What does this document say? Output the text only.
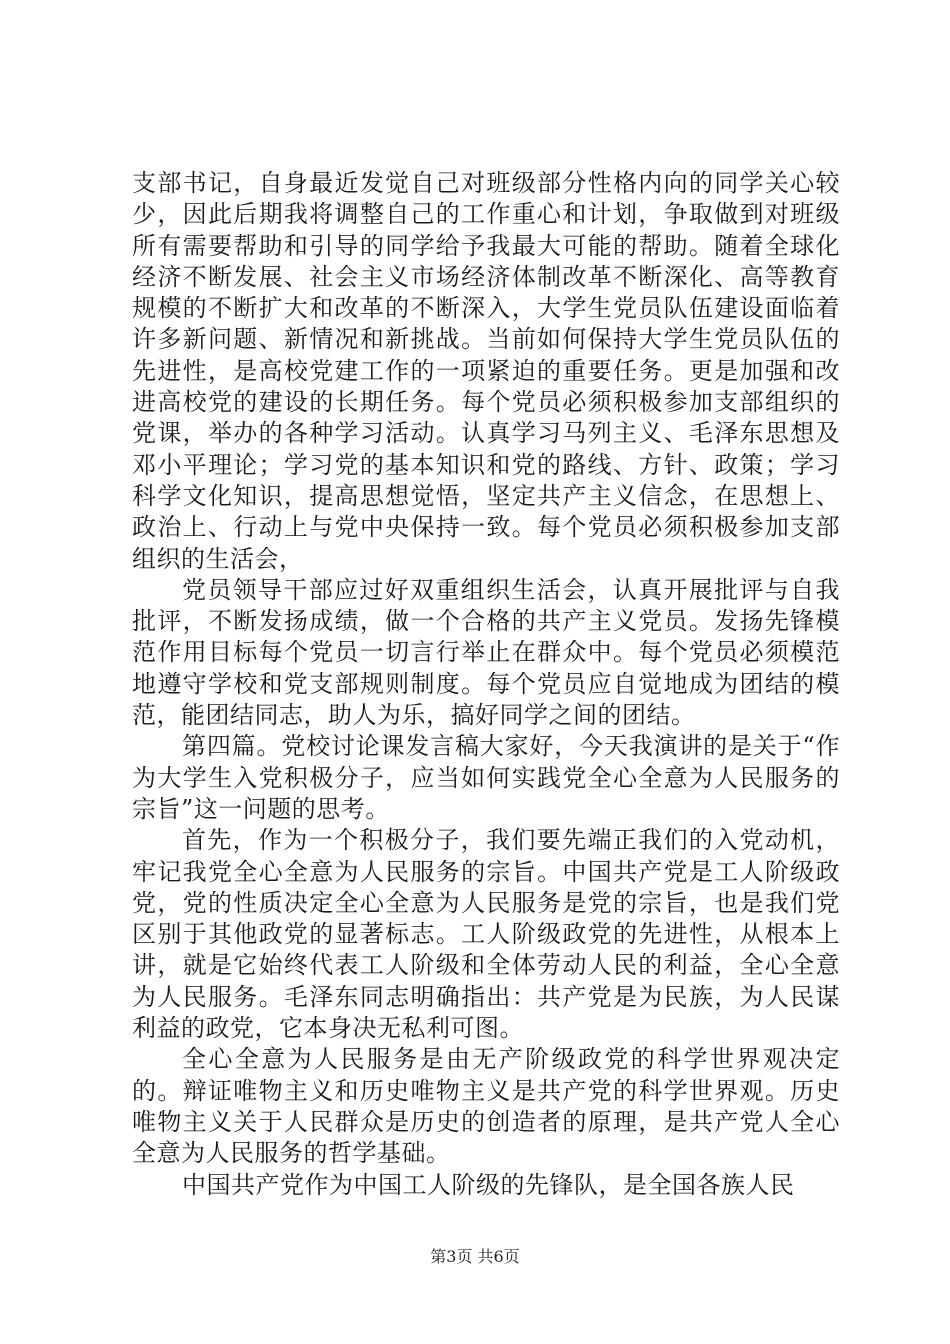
支部书记，自身最近发觉自己对班级部分性格内向的同学关心较少，因此后期我将调整自己的工作重心和计划，争取做到对班级所有需要帮助和引导的同学给予我最大可能的帮助。随着全球化经济不断发展、社会主义市场经济体制改革不断深化、高等教育规模的不断扩大和改革的不断深入，大学生党员队伍建设面临着许多新问题、新情况和新挑战。当前如何保持大学生党员队伍的先进性，是高校党建工作的一项紧迫的重要任务。更是加强和改进高校党的建设的长期任务。每个党员必须积极参加支部组织的党课，举办的各种学习活动。认真学习马列主义、毛泽东思想及邓小平理论；学习党的基本知识和党的路线、方针、政策；学习科学文化知识，提高思想觉悟，坚定共产主义信念，在思想上、政治上、行动上与党中央保持一致。每个党员必须积极参加支部组织的生活会，

党员领导干部应过好双重组织生活会，认真开展批评与自我批评，不断发扬成绩，做一个合格的共产主义党员。发扬先锋模范作用目标每个党员一切言行举止在群众中。每个党员必须模范地遵守学校和党支部规则制度。每个党员应自觉地成为团结的模范，能团结同志，助人为乐，搞好同学之间的团结。

第四篇。党校讨论课发言稿大家好，今天我演讲的是关于“作为大学生入党积极分子，应当如何实践党全心全意为人民服务的宗旨”这一问题的思考。

首先，作为一个积极分子，我们要先端正我们的入党动机，牢记我党全心全意为人民服务的宗旨。中国共产党是工人阶级政党，党的性质决定全心全意为人民服务是党的宗旨，也是我们党区别于其他政党的显著标志。工人阶级政党的先进性，从根本上讲，就是它始终代表工人阶级和全体劳动人民的利益，全心全意为人民服务。毛泽东同志明确指出：共产党是为民族，为人民谋利益的政党，它本身决无私利可图。

全心全意为人民服务是由无产阶级政党的科学世界观决定的。辩证唯物主义和历史唯物主义是共产党的科学世界观。历史唯物主义关于人民群众是历史的创造者的原理，是共产党人全心全意为人民服务的哲学基础。

中国共产党作为中国工人阶级的先锋队，是全国各族人民

第3页 共6页
